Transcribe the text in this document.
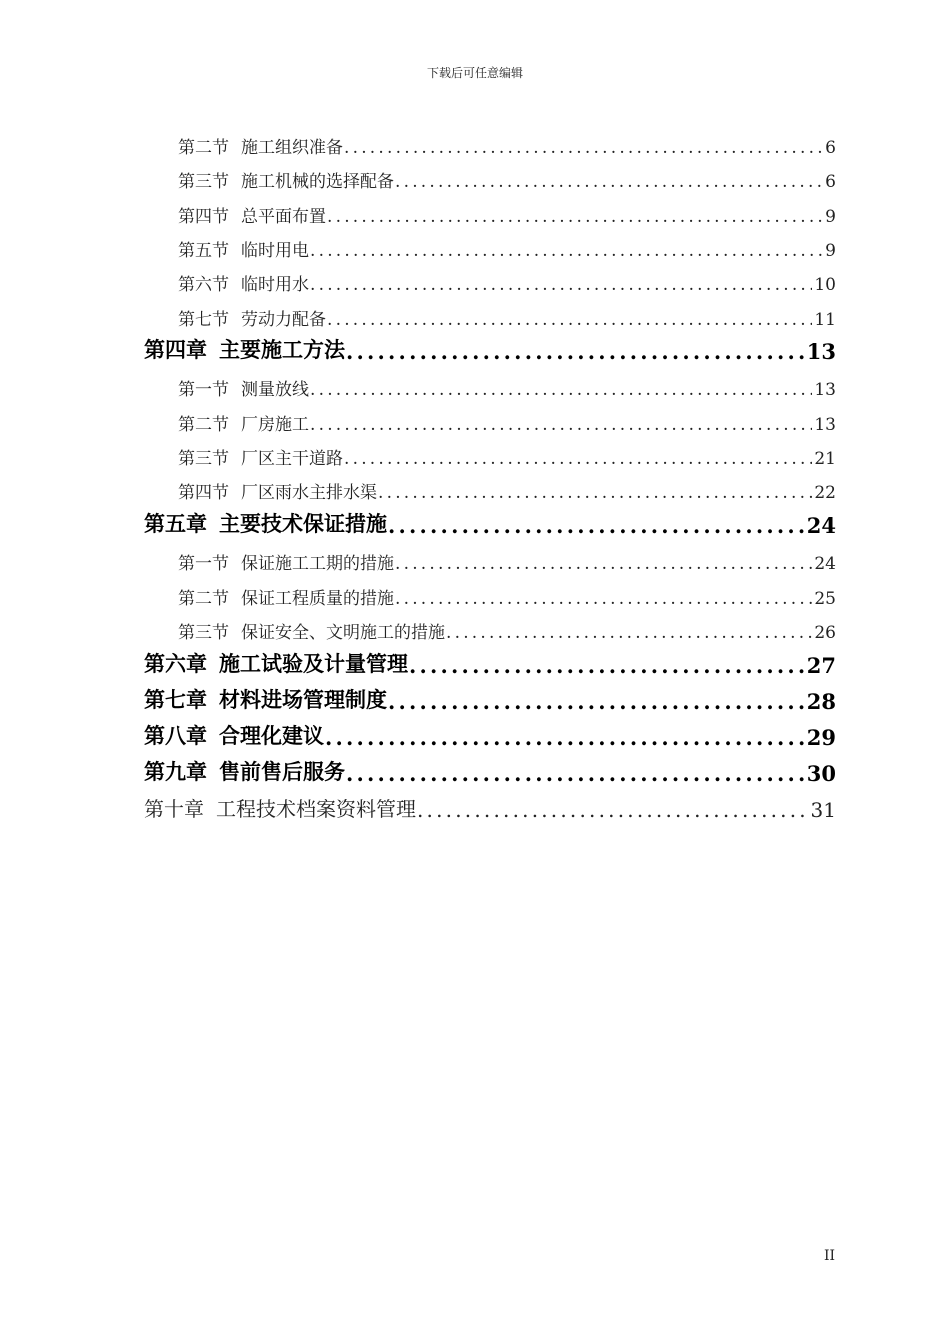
下载后可任意编辑
第二节 施工组织准备 .....	6
第三节 施工机械的选择配备 .....	6
第四节 总平面布置 .....	9
第五节 临时用电 .....	9
第六节 临时用水 .....	10
第七节 劳动力配备 .....	11
第四章 主要施工方法 .....	13
第一节 测量放线 .....	13
第二节 厂房施工 .....	13
第三节 厂区主干道路 .....	21
第四节 厂区雨水主排水渠 .....	22
第五章 主要技术保证措施 .....	24
第一节 保证施工工期的措施 .....	24
第二节 保证工程质量的措施 .....	25
第三节 保证安全、文明施工的措施 .....	26
第六章 施工试验及计量管理 .....	27
第七章 材料进场管理制度 .....	28
第八章 合理化建议 .....	29
第九章 售前售后服务 .....	30
第十章 工程技术档案资料管理 .....	31
II
